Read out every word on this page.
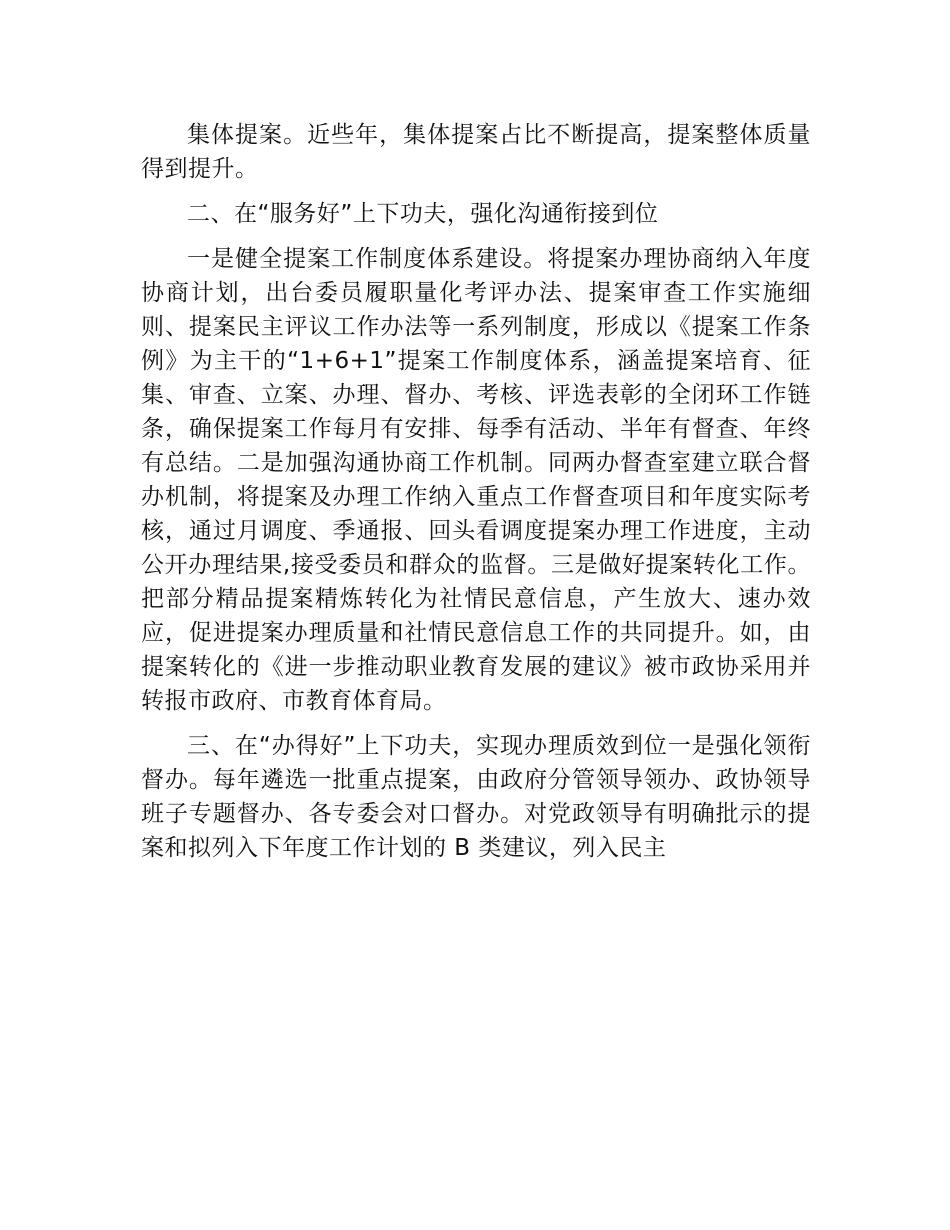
集体提案。近些年，集体提案占比不断提高，提案整体质量得到提升。

二、在“服务好”上下功夫，强化沟通衔接到位

一是健全提案工作制度体系建设。将提案办理协商纳入年度协商计划，出台委员履职量化考评办法、提案审查工作实施细则、提案民主评议工作办法等一系列制度，形成以《提案工作条例》为主干的“1+6+1”提案工作制度体系，涵盖提案培育、征集、审查、立案、办理、督办、考核、评选表彰的全闭环工作链条，确保提案工作每月有安排、每季有活动、半年有督查、年终有总结。二是加强沟通协商工作机制。同两办督查室建立联合督办机制，将提案及办理工作纳入重点工作督查项目和年度实际考核，通过月调度、季通报、回头看调度提案办理工作进度，主动公开办理结果,接受委员和群众的监督。三是做好提案转化工作。把部分精品提案精炼转化为社情民意信息，产生放大、速办效应，促进提案办理质量和社情民意信息工作的共同提升。如，由提案转化的《进一步推动职业教育发展的建议》被市政协采用并转报市政府、市教育体育局。

三、在“办得好”上下功夫，实现办理质效到位一是强化领衔督办。每年遴选一批重点提案，由政府分管领导领办、政协领导班子专题督办、各专委会对口督办。对党政领导有明确批示的提案和拟列入下年度工作计划的 B 类建议，列入民主
